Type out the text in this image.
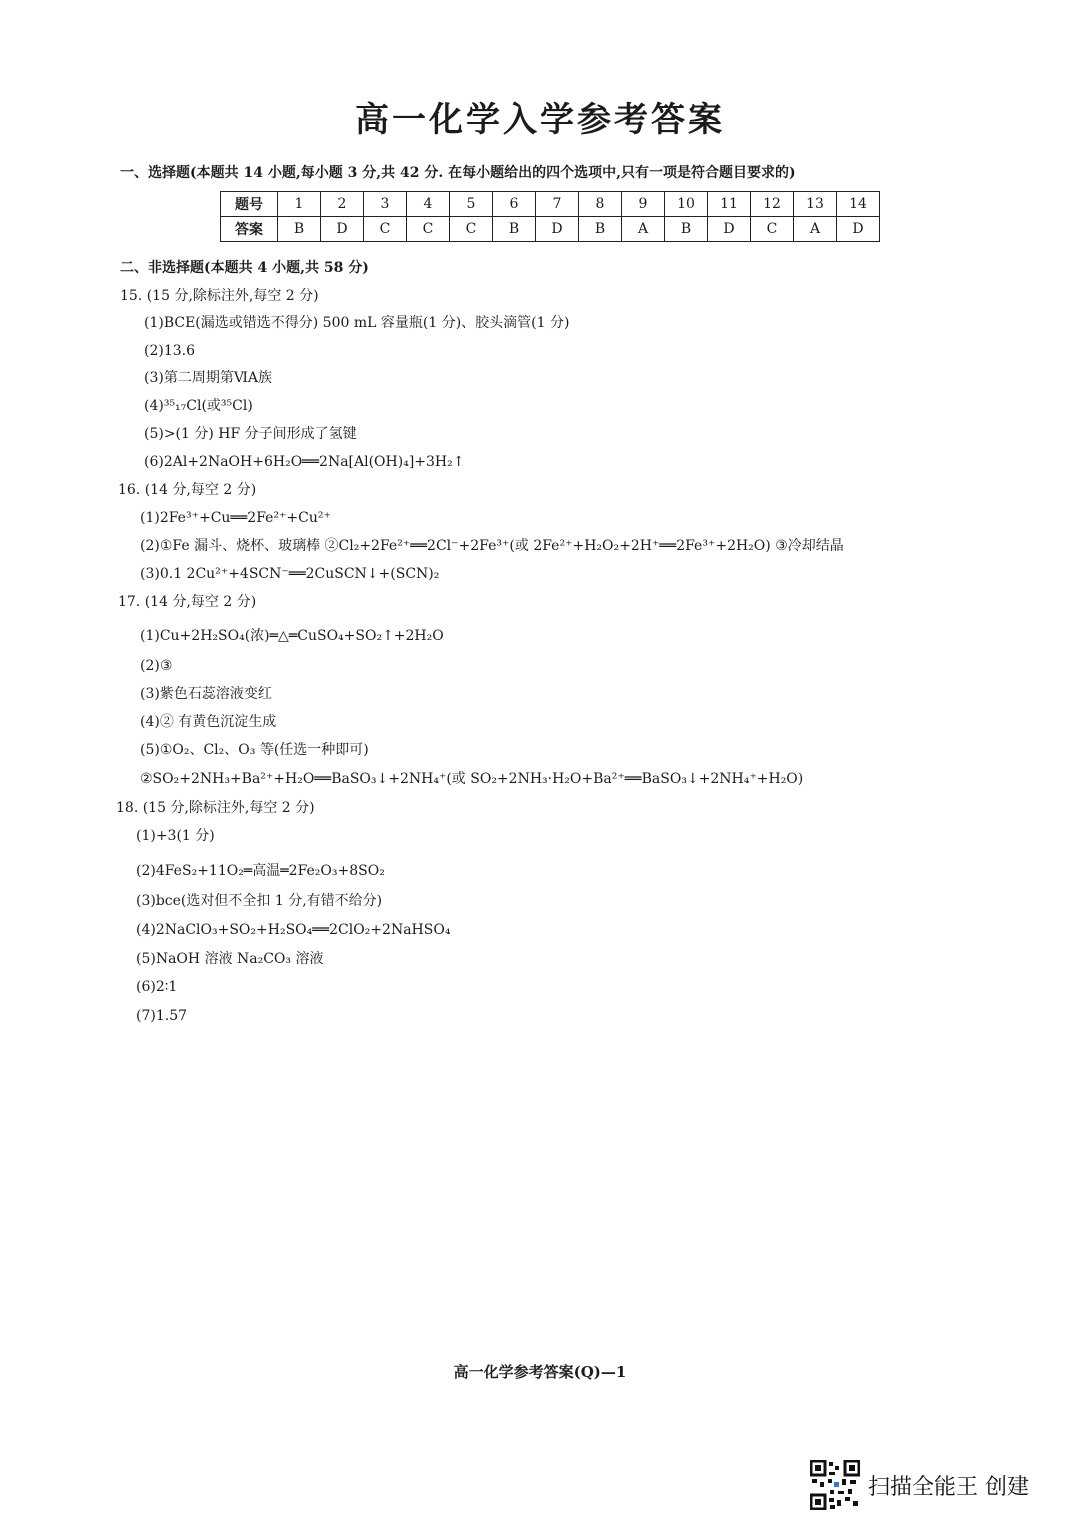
高一化学入学参考答案
一、选择题(本题共 14 小题,每小题 3 分,共 42 分. 在每小题给出的四个选项中,只有一项是符合题目要求的)
题号	1	2	3	4	5	6	7	8	9	10	11	12	13	14
答案	B	D	C	C	C	B	D	B	A	B	D	C	A	D
二、非选择题(本题共 4 小题,共 58 分)
15. (15 分,除标注外,每空 2 分)
(1)BCE(漏选或错选不得分) 500 mL 容量瓶(1 分)、胶头滴管(1 分)
(2)13.6
(3)第二周期第ⅥA族
(4)³⁵₁₇Cl(或³⁵Cl)
(5)>(1 分) HF 分子间形成了氢键
(6)2Al+2NaOH+6H₂O══2Na[Al(OH)₄]+3H₂↑
16. (14 分,每空 2 分)
(1)2Fe³⁺+Cu══2Fe²⁺+Cu²⁺
(2)①Fe 漏斗、烧杯、玻璃棒 ②Cl₂+2Fe²⁺══2Cl⁻+2Fe³⁺(或 2Fe²⁺+H₂O₂+2H⁺══2Fe³⁺+2H₂O) ③冷却结晶
(3)0.1 2Cu²⁺+4SCN⁻══2CuSCN↓+(SCN)₂
17. (14 分,每空 2 分)
(1)Cu+2H₂SO₄(浓)═△═CuSO₄+SO₂↑+2H₂O
(2)③
(3)紫色石蕊溶液变红
(4)② 有黄色沉淀生成
(5)①O₂、Cl₂、O₃ 等(任选一种即可)
②SO₂+2NH₃+Ba²⁺+H₂O══BaSO₃↓+2NH₄⁺(或 SO₂+2NH₃·H₂O+Ba²⁺══BaSO₃↓+2NH₄⁺+H₂O)
18. (15 分,除标注外,每空 2 分)
(1)+3(1 分)
(2)4FeS₂+11O₂═高温═2Fe₂O₃+8SO₂
(3)bce(选对但不全扣 1 分,有错不给分)
(4)2NaClO₃+SO₂+H₂SO₄══2ClO₂+2NaHSO₄
(5)NaOH 溶液 Na₂CO₃ 溶液
(6)2∶1
(7)1.57
高一化学参考答案(Q)—1
扫描全能王 创建
